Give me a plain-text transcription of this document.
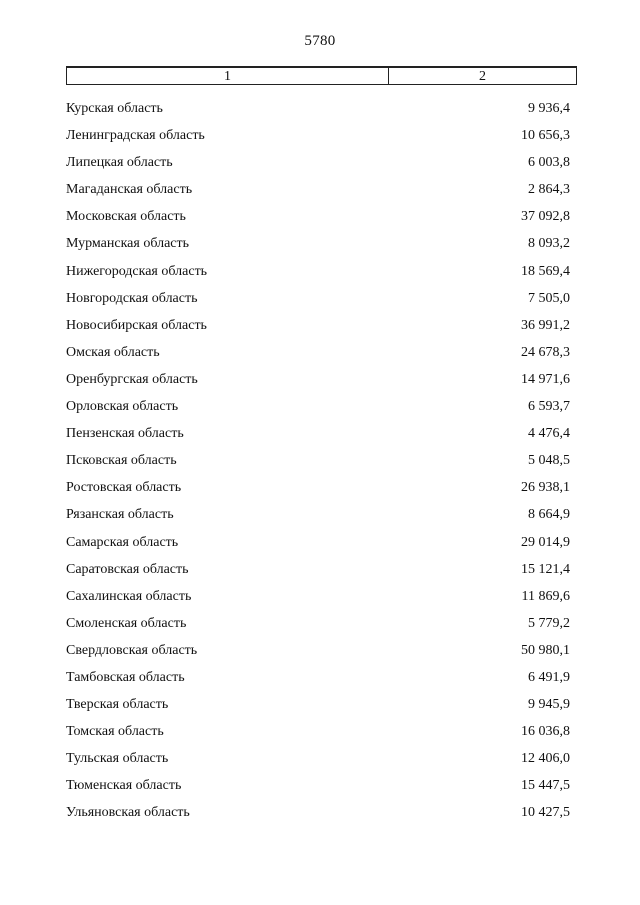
5780
1	2
Курская область	9 936,4
Ленинградская область	10 656,3
Липецкая область	6 003,8
Магаданская область	2 864,3
Московская область	37 092,8
Мурманская область	8 093,2
Нижегородская область	18 569,4
Новгородская область	7 505,0
Новосибирская область	36 991,2
Омская область	24 678,3
Оренбургская область	14 971,6
Орловская область	6 593,7
Пензенская область	4 476,4
Псковская область	5 048,5
Ростовская область	26 938,1
Рязанская область	8 664,9
Самарская область	29 014,9
Саратовская область	15 121,4
Сахалинская область	11 869,6
Смоленская область	5 779,2
Свердловская область	50 980,1
Тамбовская область	6 491,9
Тверская область	9 945,9
Томская область	16 036,8
Тульская область	12 406,0
Тюменская область	15 447,5
Ульяновская область	10 427,5
